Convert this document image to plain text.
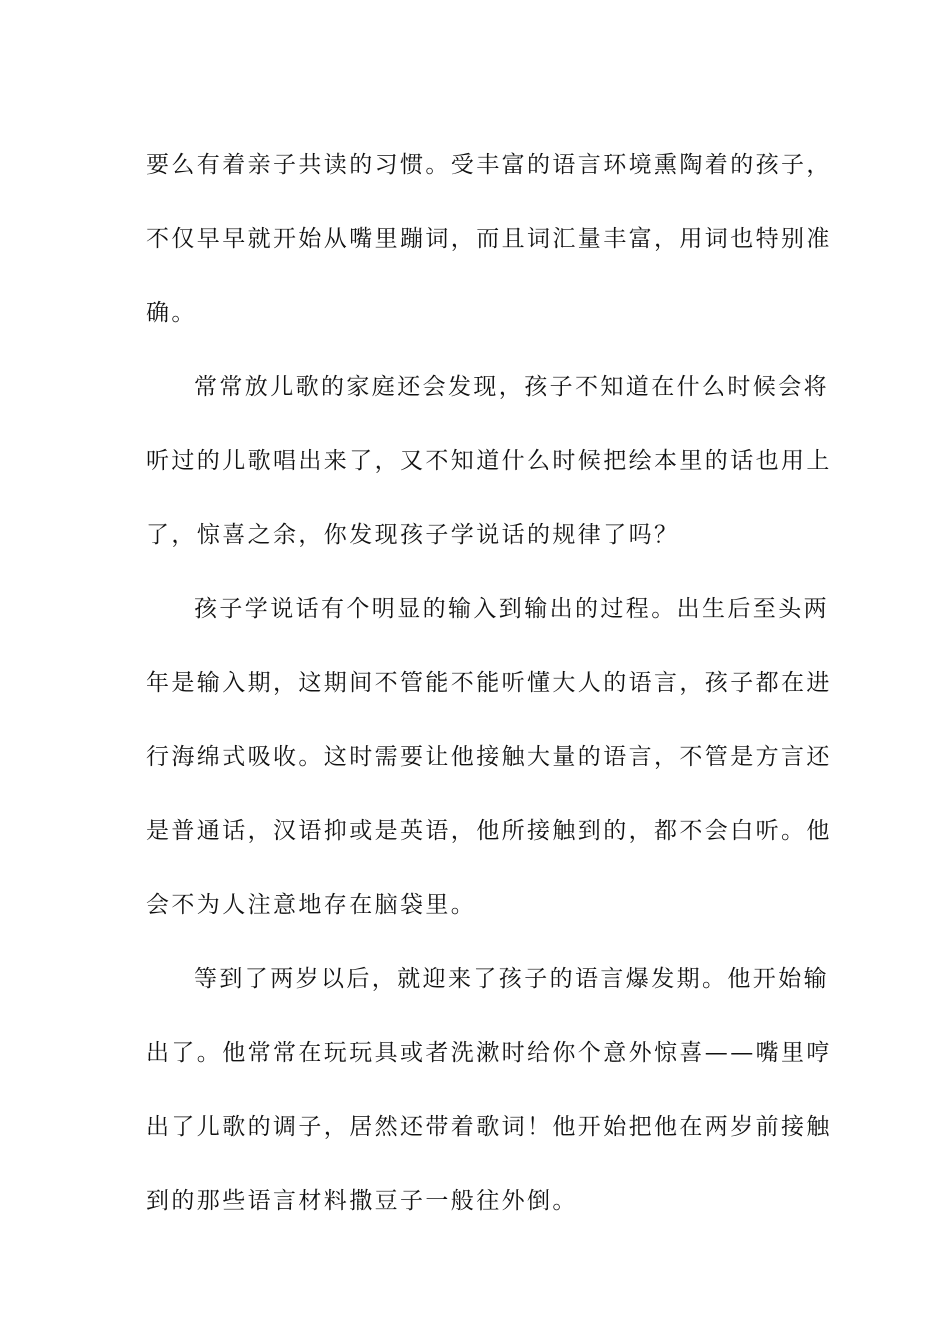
要么有着亲子共读的习惯。受丰富的语言环境熏陶着的孩子，
不仅早早就开始从嘴里蹦词，而且词汇量丰富，用词也特别准
确。
常常放儿歌的家庭还会发现，孩子不知道在什么时候会将
听过的儿歌唱出来了，又不知道什么时候把绘本里的话也用上
了，惊喜之余，你发现孩子学说话的规律了吗？
孩子学说话有个明显的输入到输出的过程。出生后至头两
年是输入期，这期间不管能不能听懂大人的语言，孩子都在进
行海绵式吸收。这时需要让他接触大量的语言，不管是方言还
是普通话，汉语抑或是英语，他所接触到的，都不会白听。他
会不为人注意地存在脑袋里。
等到了两岁以后，就迎来了孩子的语言爆发期。他开始输
出了。他常常在玩玩具或者洗漱时给你个意外惊喜——嘴里哼
出了儿歌的调子，居然还带着歌词！他开始把他在两岁前接触
到的那些语言材料撒豆子一般往外倒。
